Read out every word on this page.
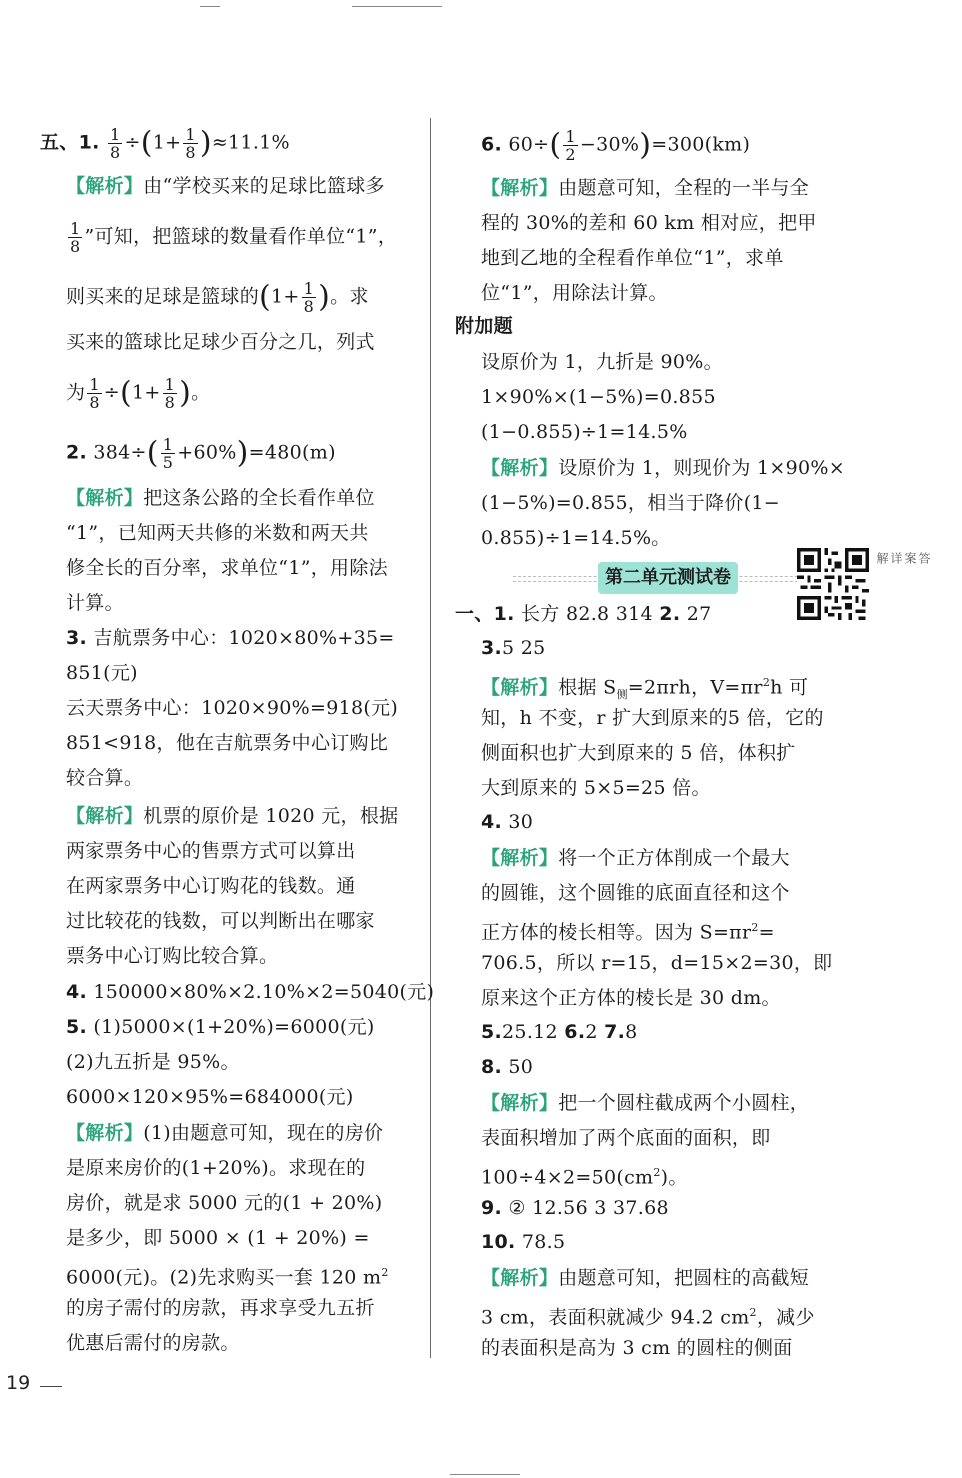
五、1. $\frac{1}{8} \div(1+ \frac{1}{8} )\approx 11.1\%$
【解析】由“学校买来的足球比篮球多
$\frac{1}{8}$ ”可知，把篮球的数量看作单位“1”，
则买来的足球是篮球的($1+ \frac{1}{8}$ )。求
买来的篮球比足球少百分之几，列式
为 $\frac{1}{8} \div(1+ \frac{1}{8}$ )。
2. $384\div( \frac{1}{5} +60\%)=480(m)$
【解析】把这条公路的全长看作单位
“1”，已知两天共修的米数和两天共
修全长的百分率，求单位“1”，用除法
计算。
3. 吉航票务中心：1020×80%+35=
851(元)
云天票务中心：1020×90%=918(元)
851<918，他在吉航票务中心订购比
较合算。
【解析】机票的原价是 1020 元，根据
两家票务中心的售票方式可以算出
在两家票务中心订购花的钱数。通
过比较花的钱数，可以判断出在哪家
票务中心订购比较合算。
4. 150000×80%×2.10%×2=5040(元)
5. (1)5000×(1+20%)=6000(元)
(2)九五折是 95%。
6000×120×95%=684000(元)
【解析】(1)由题意可知，现在的房价
是原来房价的(1+20%)。求现在的
房价，就是求 5000 元的(1 + 20%)
是多少，即 5000 × (1 + 20%) =
6000(元)。(2)先求购买一套 120 $m^2$
的房子需付的房款，再求享受九五折
优惠后需付的房款。
6. $60\div( \frac{1}{2} -30\%)=300(km)$
【解析】由题意可知，全程的一半与全
程的 30%的差和 60 km 相对应，把甲
地到乙地的全程看作单位“1”，求单
位“1”，用除法计算。
附加题
设原价为 1，九折是 90%。
1×90%×(1−5%)=0.855
(1−0.855)÷1=14.5%
【解析】设原价为 1，则现价为 1×90%×
(1−5%)=0.855，相当于降价(1−
0.855)÷1=14.5%。
第二单元测试卷
答案详解
一、1. 长方 82.8 314 2. 27
3.5 25
【解析】根据 $S_侧=2\pi rh$，$V=\pi r^2h$ 可
知，h 不变，r 扩大到原来的5 倍，它的
侧面积也扩大到原来的 5 倍，体积扩
大到原来的 5×5=25 倍。
4. 30
【解析】将一个正方体削成一个最大
的圆锥，这个圆锥的底面直径和这个
正方体的棱长相等。因为 $S=\pi r^2=$
706.5，所以 r=15，d=15×2=30，即
原来这个正方体的棱长是 30 dm。
5.25.12 6.2 7.8
8. 50
【解析】把一个圆柱截成两个小圆柱，
表面积增加了两个底面的面积，即
$100\div 4\times 2=50(cm^2)$。
9. ② 12.56 3 37.68
10. 78.5
【解析】由题意可知，把圆柱的高截短
3 cm，表面积就减少 94.2 $cm^2$，减少
的表面积是高为 3 cm 的圆柱的侧面
19
